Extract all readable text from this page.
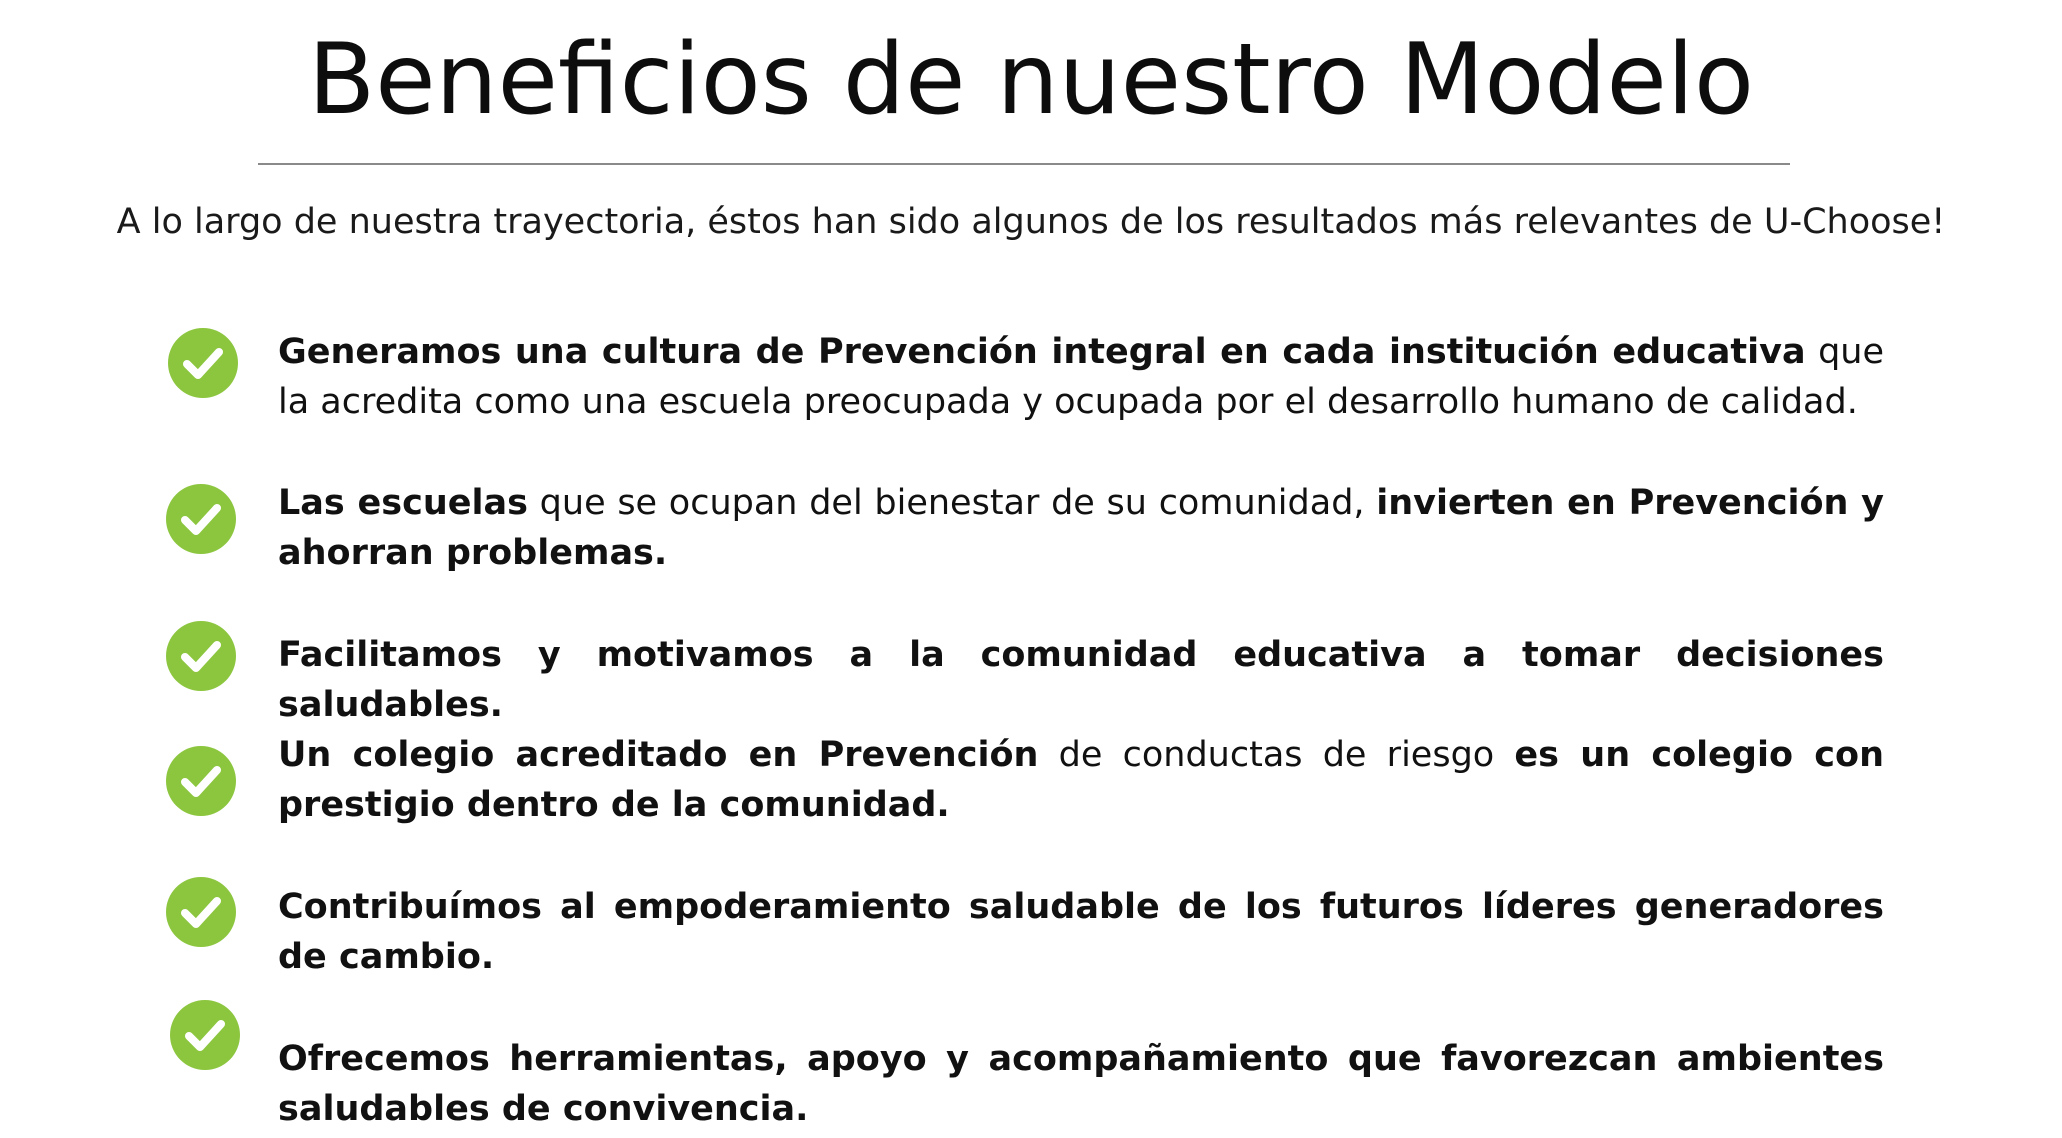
Beneficios de nuestro Modelo
A lo largo de nuestra trayectoria, éstos han sido algunos de los resultados más relevantes de U-Choose!
Generamos una cultura de Prevención integral en cada institución educativa que la acredita como una escuela preocupada y ocupada por el desarrollo humano de calidad.
Las escuelas que se ocupan del bienestar de su comunidad, invierten en Prevención y ahorran problemas.
Facilitamos y motivamos a la comunidad educativa a tomar decisiones saludables.
Un colegio acreditado en Prevención de conductas de riesgo es un colegio con prestigio dentro de la comunidad.
Contribuímos al empoderamiento saludable de los futuros líderes generadores de cambio.
Ofrecemos herramientas, apoyo y acompañamiento que favorezcan ambientes saludables de convivencia.
